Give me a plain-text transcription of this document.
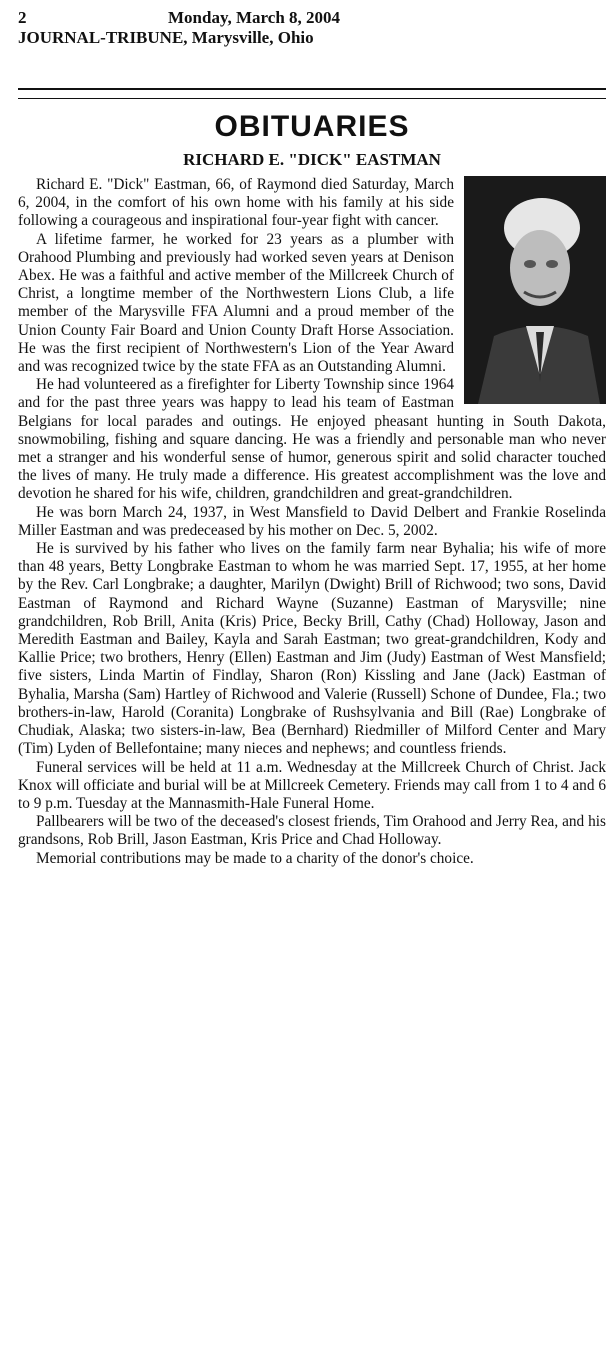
2	Monday, March 8, 2004
JOURNAL-TRIBUNE, Marysville, Ohio
OBITUARIES
RICHARD E. "DICK" EASTMAN

Richard E. "Dick" Eastman, 66, of Raymond died Saturday, March 6, 2004, in the comfort of his own home with his family at his side following a courageous and inspirational four-year fight with cancer.

A lifetime farmer, he worked for 23 years as a plumber with Orahood Plumbing and previously had worked seven years at Denison Abex. He was a faithful and active member of the Millcreek Church of Christ, a longtime member of the Northwestern Lions Club, a life member of the Marysville FFA Alumni and a proud member of the Union County Fair Board and Union County Draft Horse Association. He was the first recipient of Northwestern's Lion of the Year Award and was recognized twice by the state FFA as an Outstanding Alumni.

He had volunteered as a firefighter for Liberty Township since 1964 and for the past three years was happy to lead his team of Eastman Belgians for local parades and outings. He enjoyed pheasant hunting in South Dakota, snowmobiling, fishing and square dancing. He was a friendly and personable man who never met a stranger and his wonderful sense of humor, generous spirit and solid character touched the lives of many. He truly made a difference. His greatest accomplishment was the love and devotion he shared for his wife, children, grandchildren and great-grandchildren.

He was born March 24, 1937, in West Mansfield to David Delbert and Frankie Roselinda Miller Eastman and was predeceased by his mother on Dec. 5, 2002.

He is survived by his father who lives on the family farm near Byhalia; his wife of more than 48 years, Betty Longbrake Eastman to whom he was married Sept. 17, 1955, at her home by the Rev. Carl Longbrake; a daughter, Marilyn (Dwight) Brill of Richwood; two sons, David Eastman of Raymond and Richard Wayne (Suzanne) Eastman of Marysville; nine grandchildren, Rob Brill, Anita (Kris) Price, Becky Brill, Cathy (Chad) Holloway, Jason and Meredith Eastman and Bailey, Kayla and Sarah Eastman; two great-grandchildren, Kody and Kallie Price; two brothers, Henry (Ellen) Eastman and Jim (Judy) Eastman of West Mansfield; five sisters, Linda Martin of Findlay, Sharon (Ron) Kissling and Jane (Jack) Eastman of Byhalia, Marsha (Sam) Hartley of Richwood and Valerie (Russell) Schone of Dundee, Fla.; two brothers-in-law, Harold (Coranita) Longbrake of Rushsylvania and Bill (Rae) Longbrake of Chudiak, Alaska; two sisters-in-law, Bea (Bernhard) Riedmiller of Milford Center and Mary (Tim) Lyden of Bellefontaine; many nieces and nephews; and countless friends.

Funeral services will be held at 11 a.m. Wednesday at the Millcreek Church of Christ. Jack Knox will officiate and burial will be at Millcreek Cemetery. Friends may call from 1 to 4 and 6 to 9 p.m. Tuesday at the Mannasmith-Hale Funeral Home.

Pallbearers will be two of the deceased's closest friends, Tim Orahood and Jerry Rea, and his grandsons, Rob Brill, Jason Eastman, Kris Price and Chad Holloway.

Memorial contributions may be made to a charity of the donor's choice.
